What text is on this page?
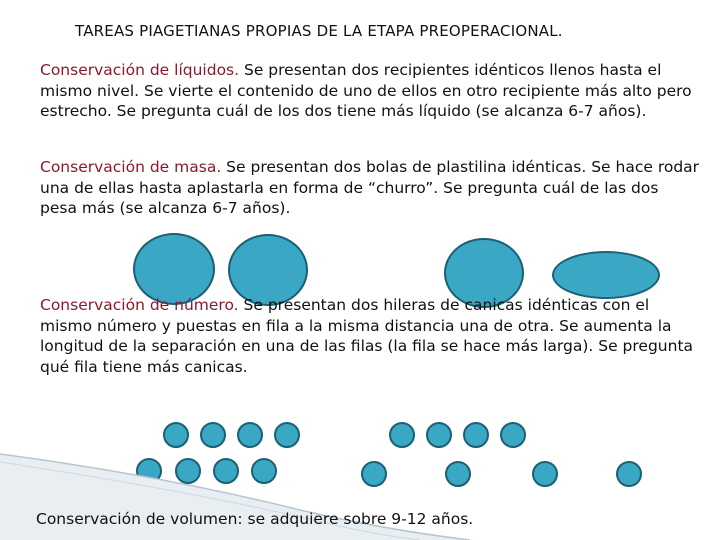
TAREAS PIAGETIANAS PROPIAS DE LA ETAPA PREOPERACIONAL.
Conservación de líquidos. Se presentan dos recipientes idénticos llenos hasta el mismo nivel. Se vierte el contenido de uno de ellos en otro recipiente más alto pero estrecho. Se pregunta cuál de los dos tiene más líquido (se alcanza 6-7 años).
Conservación de masa. Se presentan dos bolas de plastilina idénticas. Se hace rodar una de ellas hasta aplastarla en forma de “churro”. Se pregunta cuál de las dos pesa más (se alcanza 6-7 años).
Conservación de número. Se presentan dos hileras de canicas idénticas con el mismo número y puestas en fila a la misma distancia una de otra. Se aumenta la longitud de la separación en una de las filas (la fila se hace más larga). Se pregunta qué fila tiene más canicas.
Conservación de volumen: se adquiere sobre 9-12 años.
